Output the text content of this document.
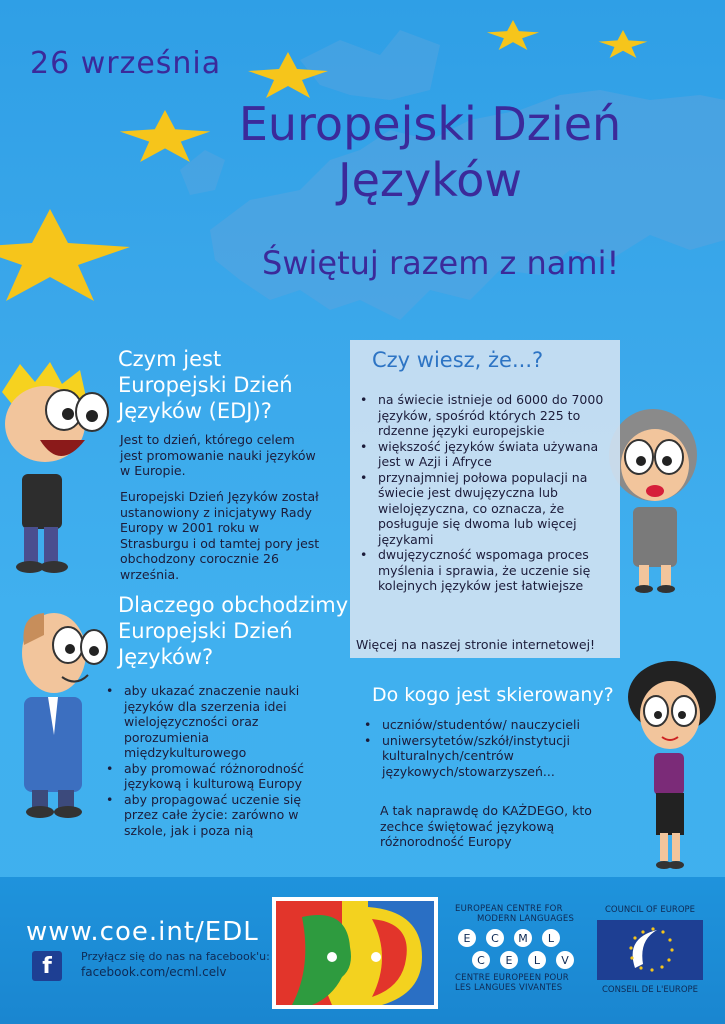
26 września
Europejski Dzień
Języków
Świętuj razem z nami!
Czym jest
Europejski Dzień
Języków (EDJ)?
Jest to dzień, którego celem jest promowanie nauki języków w Europie.
Europejski Dzień Języków został ustanowiony z inicjatywy Rady Europy w 2001 roku w Strasburgu i od tamtej pory jest obchodzony corocznie 26 września.
Dlaczego obchodzimy
Europejski Dzień
Języków?
• aby ukazać znaczenie nauki języków dla szerzenia idei wielojęzyczności oraz porozumienia międzykulturowego
• aby promować różnorodność językową i kulturową Europy
• aby propagować uczenie się przez całe życie: zarówno w szkole, jak i poza nią
Czy wiesz, że...?
• na świecie istnieje od 6000 do 7000 języków, spośród których 225 to rdzenne języki europejskie
• większość języków świata używana jest w Azji i Afryce
• przynajmniej połowa populacji na świecie jest dwujęzyczna lub wielojęzyczna, co oznacza, że posługuje się dwoma lub więcej językami
• dwujęzyczność wspomaga proces myślenia i sprawia, że uczenie się kolejnych języków jest łatwiejsze
Więcej na naszej stronie internetowej!
Do kogo jest skierowany?
• uczniów/studentów/ nauczycieli
• uniwersytetów/szkół/instytucji kulturalnych/centrów językowych/stowarzyszeń...
A tak naprawdę do KAŻDEGO, kto zechce świętować językową różnorodność Europy
www.coe.int/EDL
f	Przyłącz się do nas na facebook'u:
facebook.com/ecml.celv
EUROPEAN CENTRE FOR
MODERN LANGUAGES
E C M L
C E L V
CENTRE EUROPEEN POUR
LES LANGUES VIVANTES
COUNCIL OF EUROPE
CONSEIL DE L'EUROPE
